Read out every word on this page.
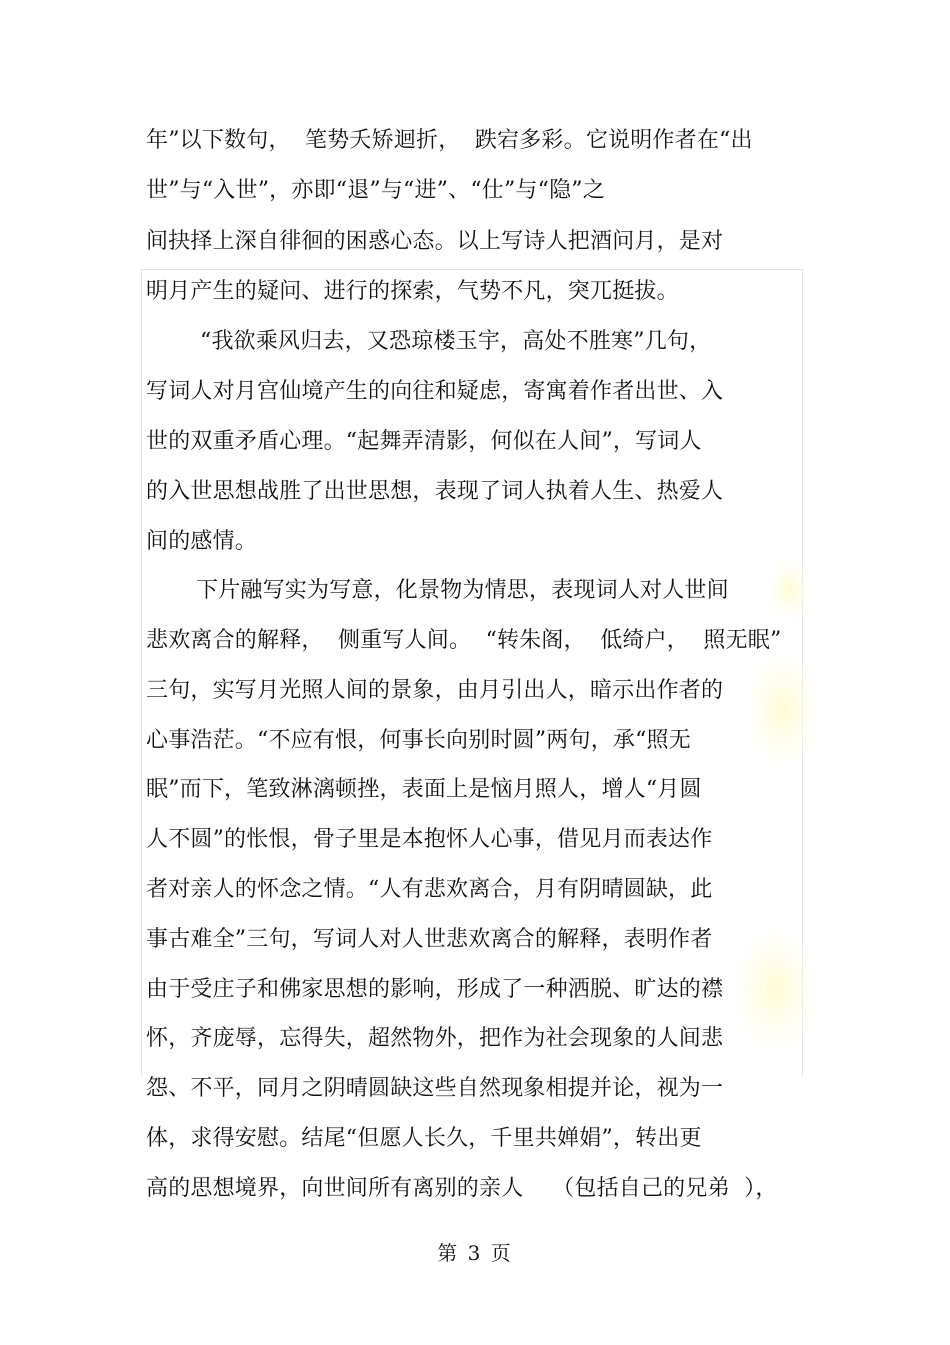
年”以下数句，  笔势夭矫迴折，  跌宕多彩。它说明作者在“出
世”与“入世”，亦即“退”与“进”、“仕”与“隐”之
间抉择上深自徘徊的困惑心态。以上写诗人把酒问月，是对
明月产生的疑问、进行的探索，气势不凡，突兀挺拔。
“我欲乘风归去，又恐琼楼玉宇，高处不胜寒”几句，
写词人对月宫仙境产生的向往和疑虑，寄寓着作者出世、入
世的双重矛盾心理。“起舞弄清影，何似在人间”，写词人
的入世思想战胜了出世思想，表现了词人执着人生、热爱人
间的感情。
下片融写实为写意，化景物为情思，表现词人对人世间
悲欢离合的解释，  侧重写人间。  “转朱阁，  低绮户，  照无眠”
三句，实写月光照人间的景象，由月引出人，暗示出作者的
心事浩茫。“不应有恨，何事长向别时圆”两句，承“照无
眠”而下，笔致淋漓顿挫，表面上是恼月照人，增人“月圆
人不圆”的怅恨，骨子里是本抱怀人心事，借见月而表达作
者对亲人的怀念之情。“人有悲欢离合，月有阴晴圆缺，此
事古难全”三句，写词人对人世悲欢离合的解释，表明作者
由于受庄子和佛家思想的影响，形成了一种洒脱、旷达的襟
怀，齐庞辱，忘得失，超然物外，把作为社会现象的人间悲
怨、不平，同月之阴晴圆缺这些自然现象相提并论，视为一
体，求得安慰。结尾“但愿人长久，千里共婵娟”，转出更
高的思想境界，向世间所有离别的亲人    （包括自己的兄弟  ），
第 3 页
